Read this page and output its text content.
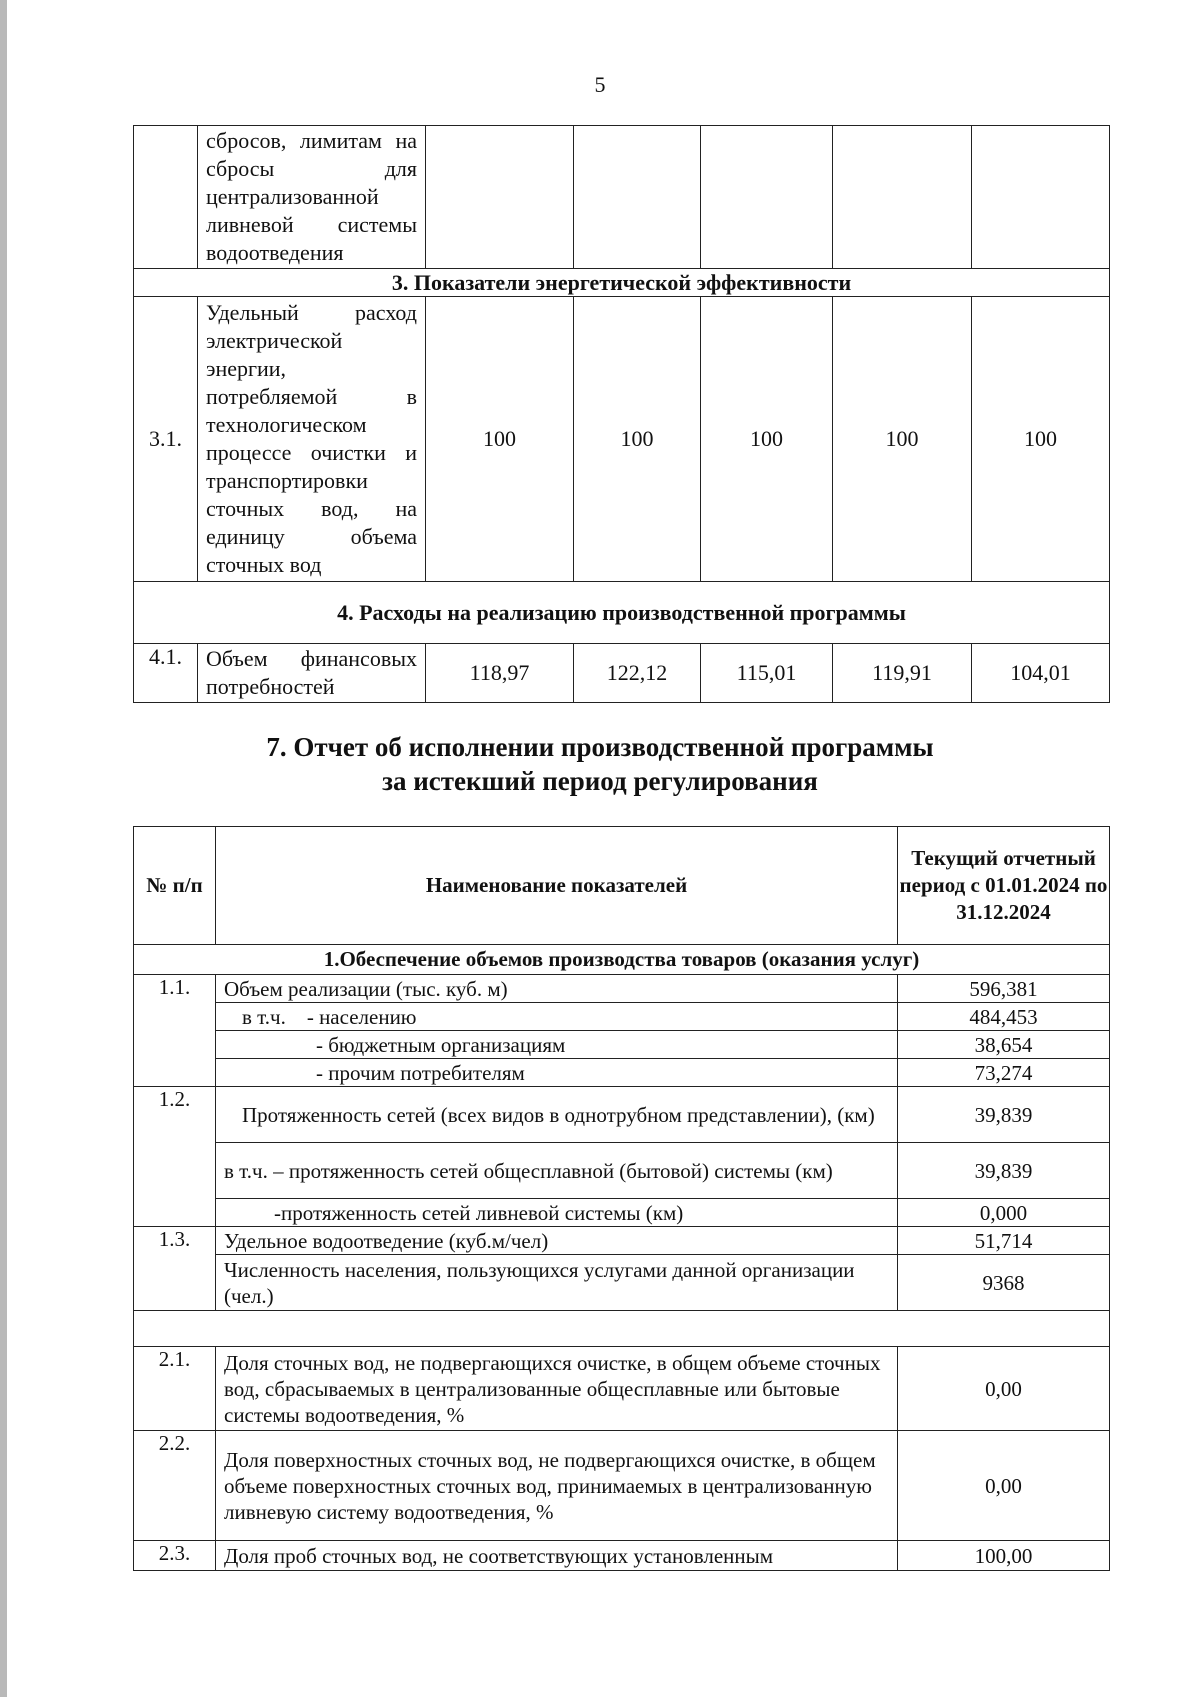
5
	сбросов, лимитам на сбросы для централизованной ливневой системы водоотведения					
3. Показатели энергетической эффективности						
3.1.	Удельный расход электрической энергии, потребляемой в технологическом процессе очистки и транспортировки сточных вод, на единицу объема сточных вод	100	100	100	100	100
4. Расходы на реализацию производственной программы						
4.1.	Объем финансовых потребностей	118,97	122,12	115,01	119,91	104,01
7. Отчет об исполнении производственной программы
за истекший период регулирования
№ п/п	Наименование показателей	Текущий отчетный период с 01.01.2024 по 31.12.2024
1.Обеспечение объемов производства товаров (оказания услуг)		
1.1.	Объем реализации (тыс. куб. м)	596,381
	в т.ч.    - населению	484,453
	- бюджетным организациям	38,654
	- прочим потребителям	73,274
1.2.	Протяженность сетей (всех видов в однотрубном представлении), (км)	39,839
	в т.ч. – протяженность сетей общесплавной (бытовой) системы (км)	39,839
	-протяженность сетей ливневой системы (км)	0,000
1.3.	Удельное водоотведение (куб.м/чел)	51,714
	Численность населения, пользующихся услугами данной организации (чел.)	9368

2.1.	Доля сточных вод, не подвергающихся очистке, в общем объеме сточных вод, сбрасываемых в централизованные общесплавные или бытовые системы водоотведения, %	0,00
2.2.	Доля поверхностных сточных вод, не подвергающихся очистке, в общем объеме поверхностных сточных вод, принимаемых в централизованную ливневую систему водоотведения, %	0,00
2.3.	Доля проб сточных вод, не соответствующих установленным	100,00
